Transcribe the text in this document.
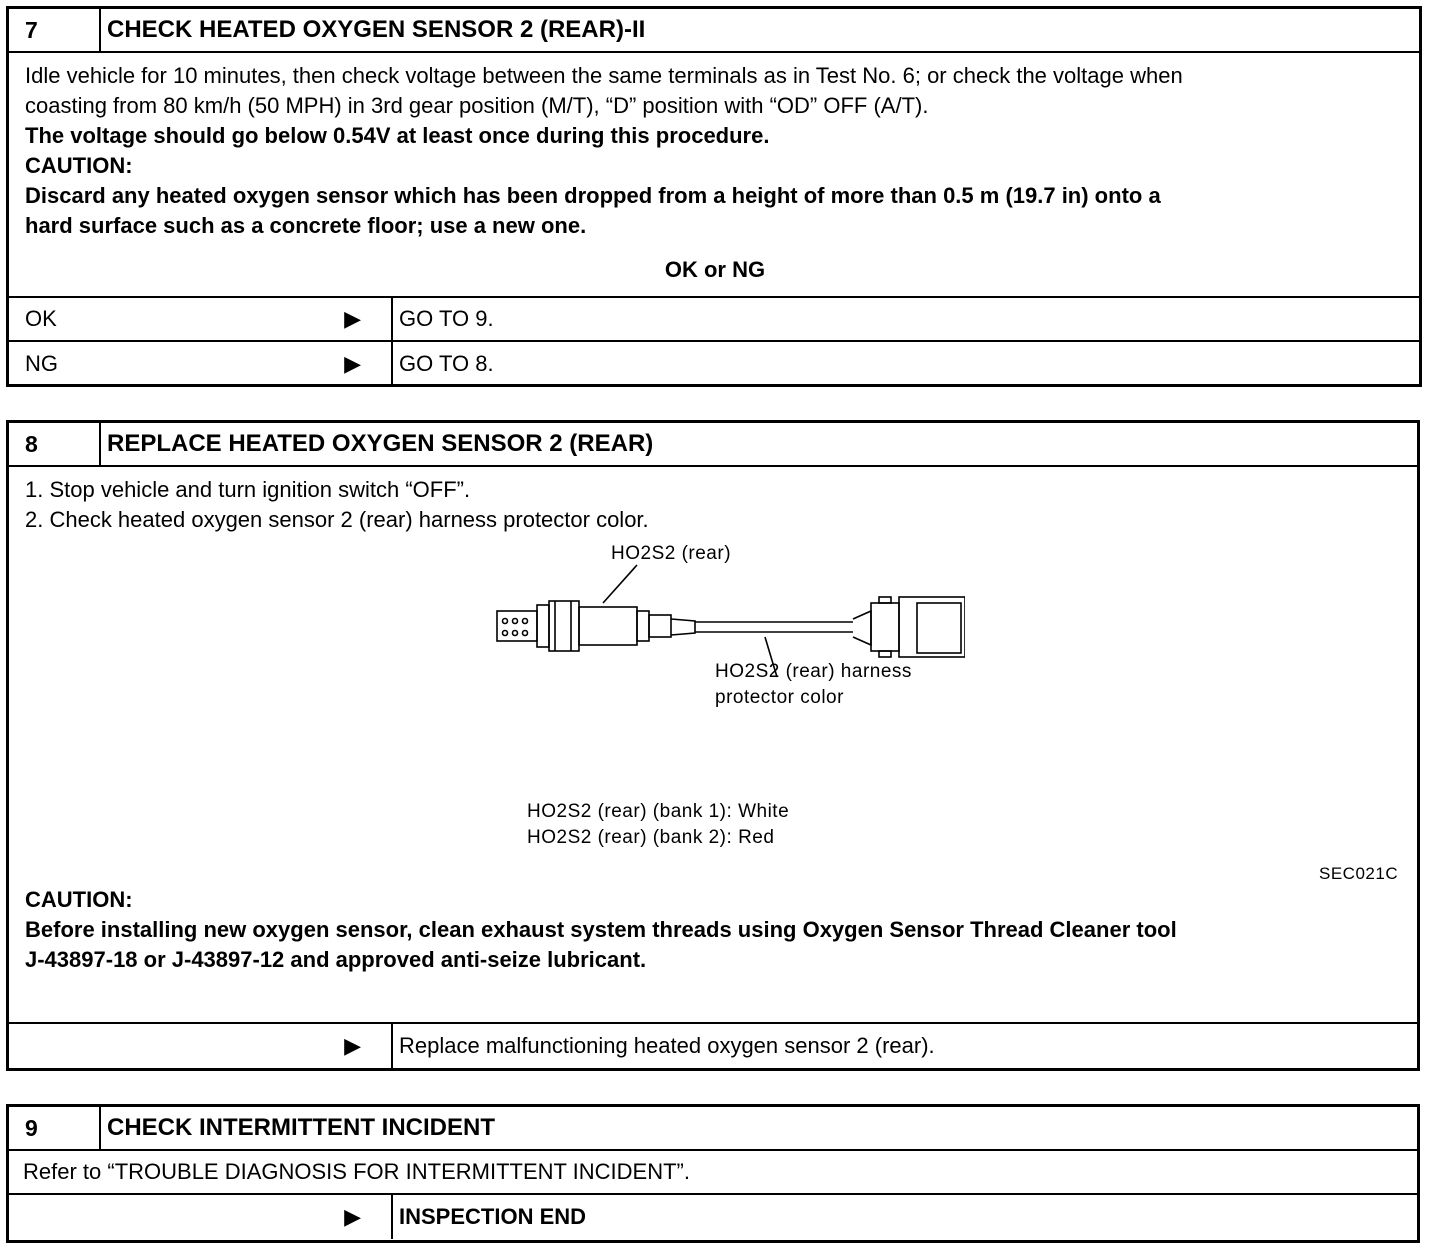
7	CHECK HEATED OXYGEN SENSOR 2 (REAR)-II
Idle vehicle for 10 minutes, then check voltage between the same terminals as in Test No. 6; or check the voltage when
coasting from 80 km/h (50 MPH) in 3rd gear position (M/T), “D” position with “OD” OFF (A/T).
The voltage should go below 0.54V at least once during this procedure.
CAUTION:
Discard any heated oxygen sensor which has been dropped from a height of more than 0.5 m (19.7 in) onto a
hard surface such as a concrete floor; use a new one.
OK or NG
OK	▶ GO TO 9.
NG	▶ GO TO 8.
8	REPLACE HEATED OXYGEN SENSOR 2 (REAR)
1. Stop vehicle and turn ignition switch “OFF”.
2. Check heated oxygen sensor 2 (rear) harness protector color.
HO2S2 (rear)
HO2S2 (rear) harness
protector color
HO2S2 (rear) (bank 1): White
HO2S2 (rear) (bank 2): Red
SEC021C
CAUTION:
Before installing new oxygen sensor, clean exhaust system threads using Oxygen Sensor Thread Cleaner tool
J-43897-18 or J-43897-12 and approved anti-seize lubricant.
▶ Replace malfunctioning heated oxygen sensor 2 (rear).
9	CHECK INTERMITTENT INCIDENT
Refer to “TROUBLE DIAGNOSIS FOR INTERMITTENT INCIDENT”.
▶ INSPECTION END
